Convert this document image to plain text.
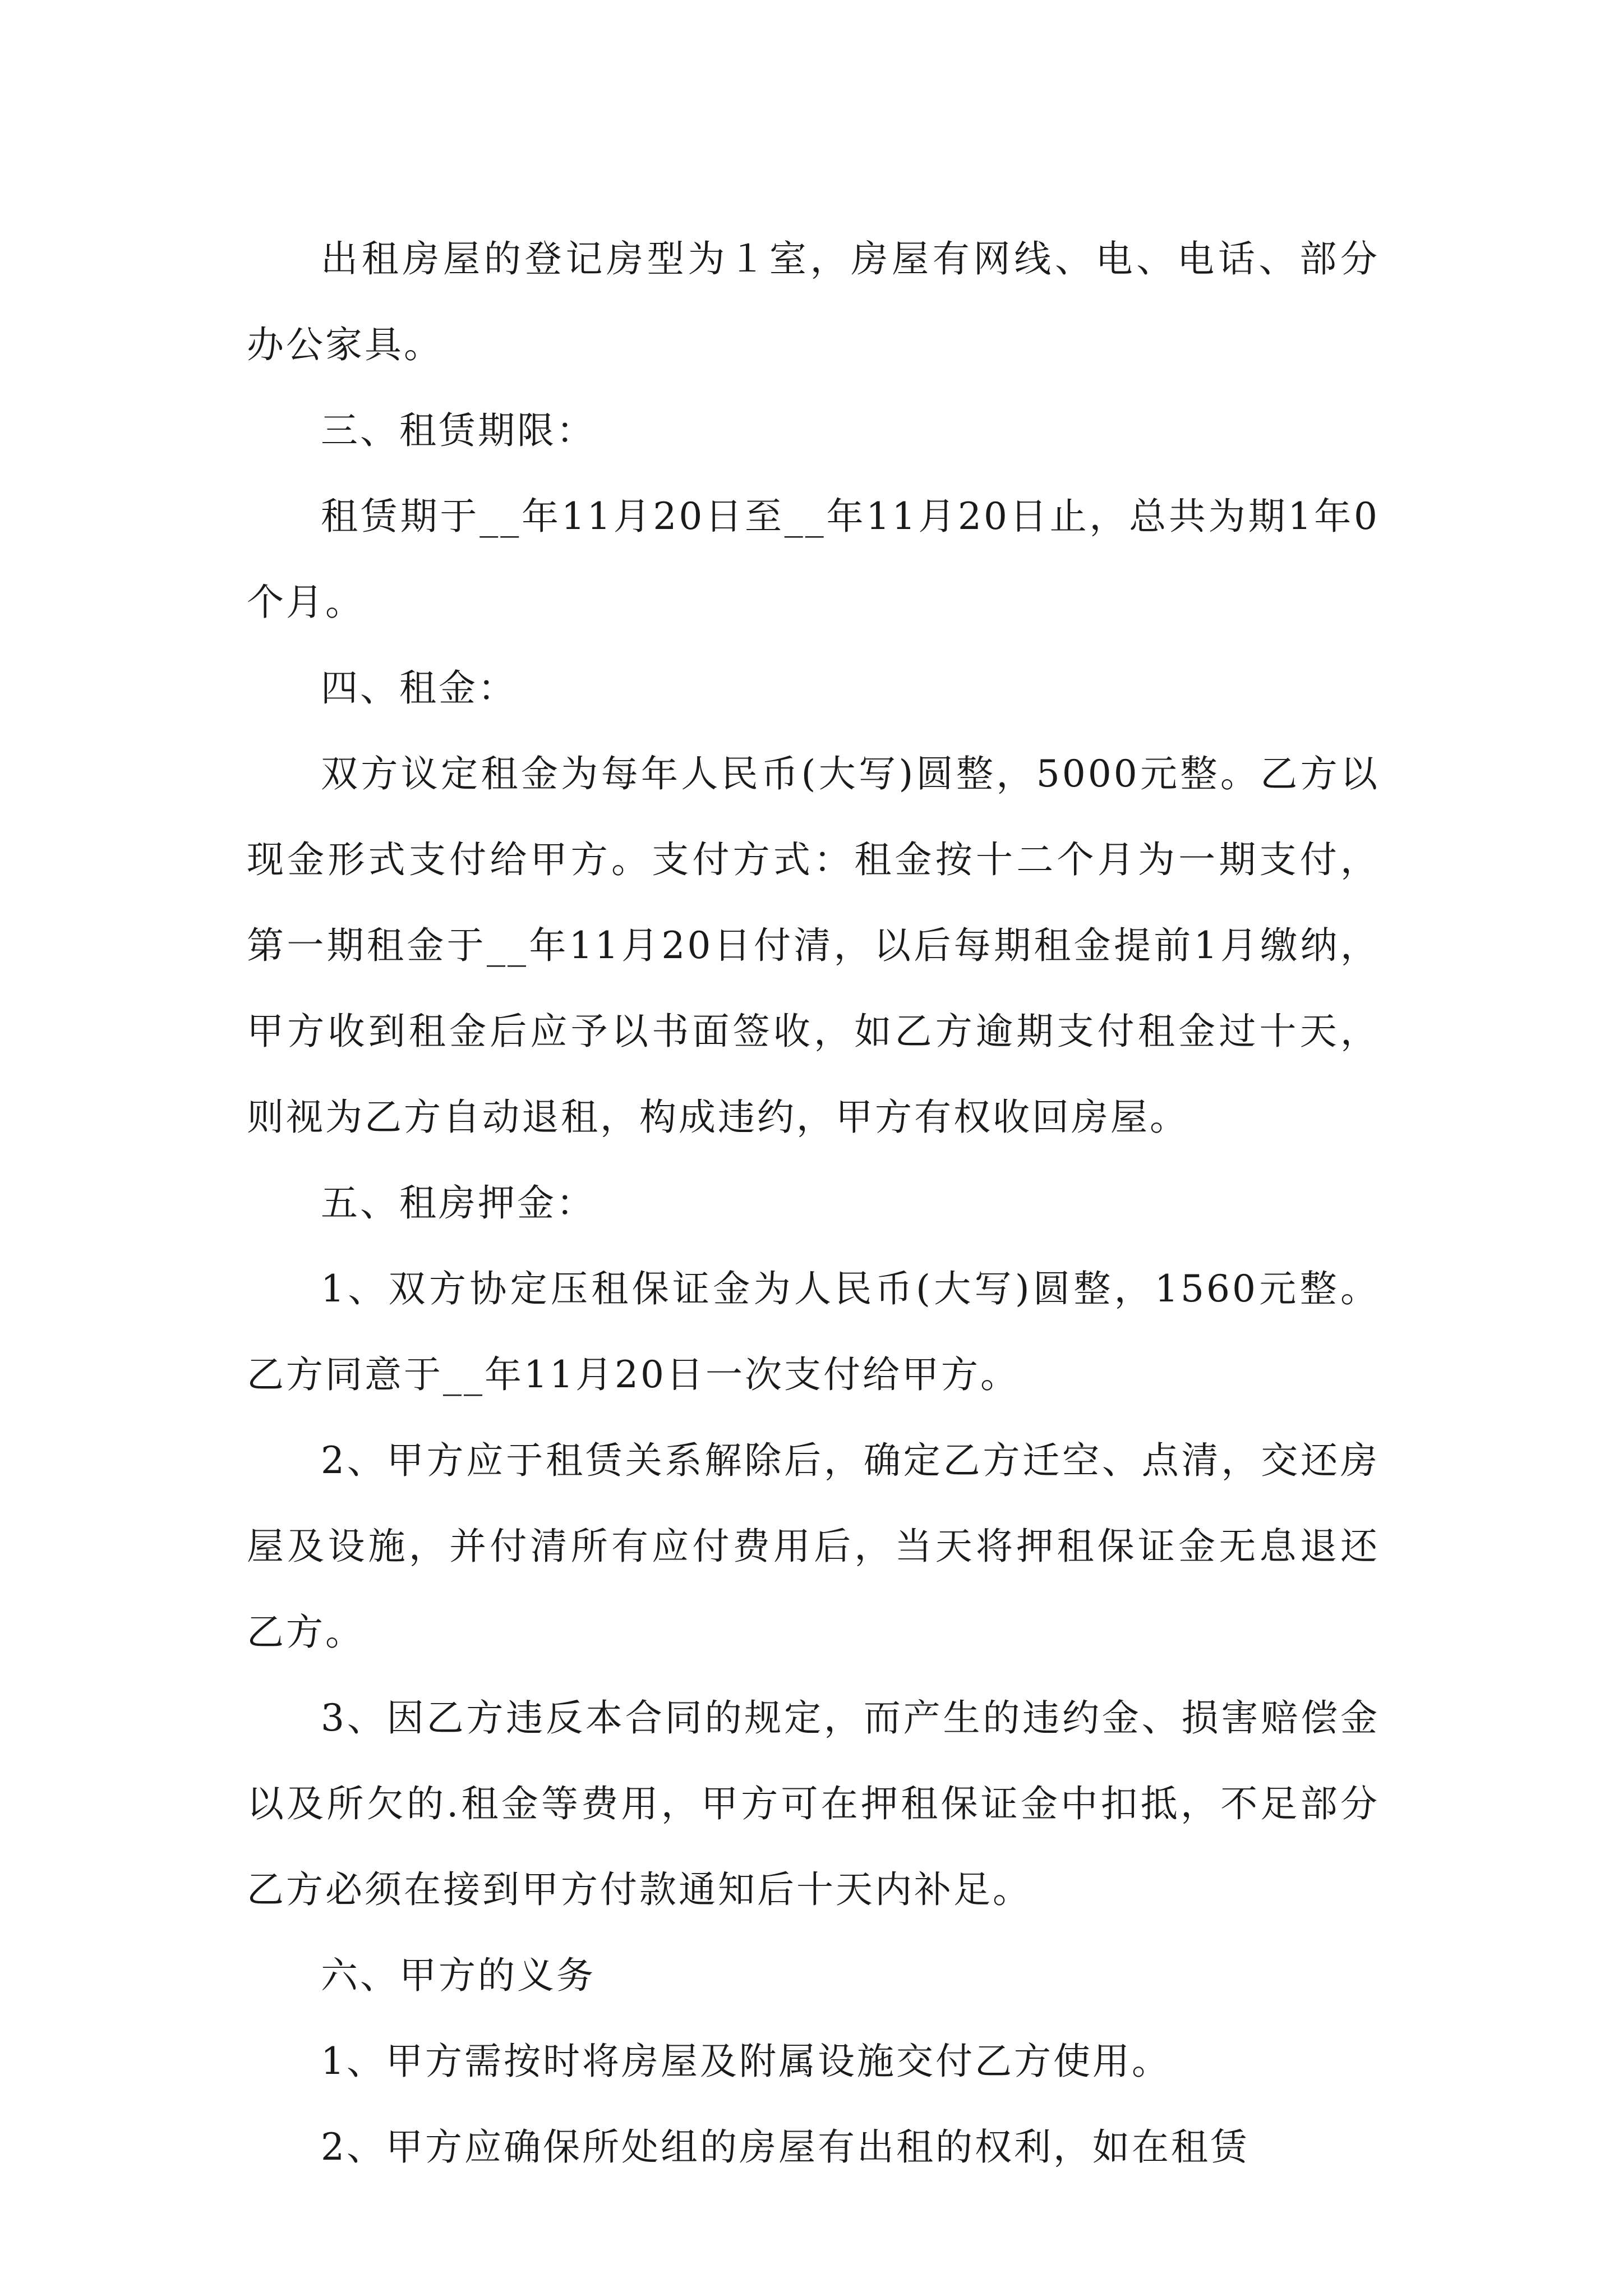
出租房屋的登记房型为１室，房屋有网线、电、电话、部分办公家具。

三、租赁期限：

租赁期于__年11月20日至__年11月20日止，总共为期1年0个月。

四、租金：

双方议定租金为每年人民币(大写)圆整，5000元整。乙方以现金形式支付给甲方。支付方式：租金按十二个月为一期支付，第一期租金于__年11月20日付清，以后每期租金提前1月缴纳，甲方收到租金后应予以书面签收，如乙方逾期支付租金过十天，则视为乙方自动退租，构成违约，甲方有权收回房屋。

五、租房押金：

1、双方协定压租保证金为人民币(大写)圆整，1560元整。乙方同意于__年11月20日一次支付给甲方。

2、甲方应于租赁关系解除后，确定乙方迁空、点清，交还房屋及设施，并付清所有应付费用后，当天将押租保证金无息退还乙方。

3、因乙方违反本合同的规定，而产生的违约金、损害赔偿金以及所欠的.租金等费用，甲方可在押租保证金中扣抵，不足部分乙方必须在接到甲方付款通知后十天内补足。

六、甲方的义务

1、甲方需按时将房屋及附属设施交付乙方使用。

2、甲方应确保所处组的房屋有出租的权利，如在租赁
